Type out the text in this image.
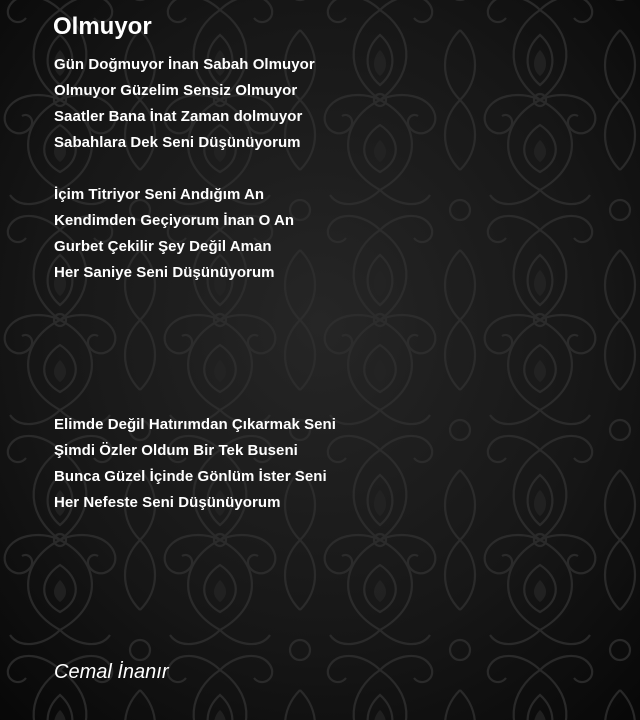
Olmuyor
Gün Doğmuyor İnan Sabah Olmuyor
Olmuyor Güzelim Sensiz Olmuyor
Saatler Bana İnat Zaman dolmuyor
Sabahlara Dek Seni Düşünüyorum
İçim Titriyor Seni Andığım An
Kendimden Geçiyorum İnan O An
Gurbet Çekilir Şey Değil Aman
Her Saniye Seni Düşünüyorum
Elimde Değil Hatırımdan Çıkarmak Seni
Şimdi Özler Oldum Bir Tek Buseni
Bunca Güzel İçinde Gönlüm İster Seni
Her Nefeste Seni Düşünüyorum
Cemal İnanır
